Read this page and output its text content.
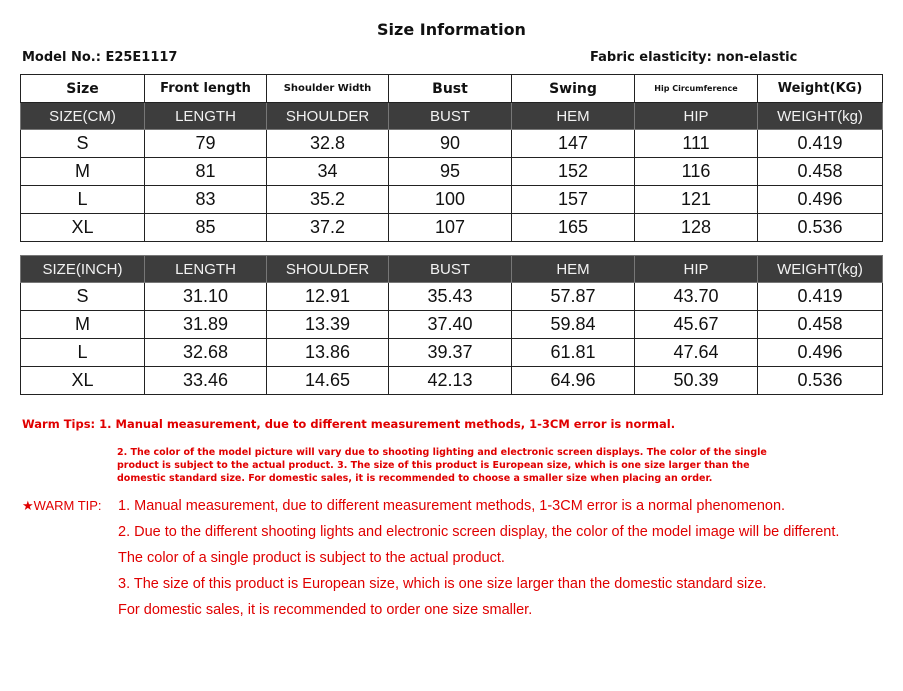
Size Information
Model No.: E25E1117	Fabric elasticity: non-elastic
Size	Front length	Shoulder Width	Bust	Swing	Hip Circumference	Weight(KG)
SIZE(CM)	LENGTH	SHOULDER	BUST	HEM	HIP	WEIGHT(kg)
S	79	32.8	90	147	111	0.419
M	81	34	95	152	116	0.458
L	83	35.2	100	157	121	0.496
XL	85	37.2	107	165	128	0.536
SIZE(INCH)	LENGTH	SHOULDER	BUST	HEM	HIP	WEIGHT(kg)
S	31.10	12.91	35.43	57.87	43.70	0.419
M	31.89	13.39	37.40	59.84	45.67	0.458
L	32.68	13.86	39.37	61.81	47.64	0.496
XL	33.46	14.65	42.13	64.96	50.39	0.536
Warm Tips: 1. Manual measurement, due to different measurement methods, 1-3CM error is normal.
2. The color of the model picture will vary due to shooting lighting and electronic screen displays. The color of the single product is subject to the actual product. 3. The size of this product is European size, which is one size larger than the domestic standard size. For domestic sales, it is recommended to choose a smaller size when placing an order.
★WARM TIP: 1. Manual measurement, due to different measurement methods, 1-3CM error is a normal phenomenon.
2. Due to the different shooting lights and electronic screen display, the color of the model image will be different.
The color of a single product is subject to the actual product.
3. The size of this product is European size, which is one size larger than the domestic standard size.
For domestic sales, it is recommended to order one size smaller.
